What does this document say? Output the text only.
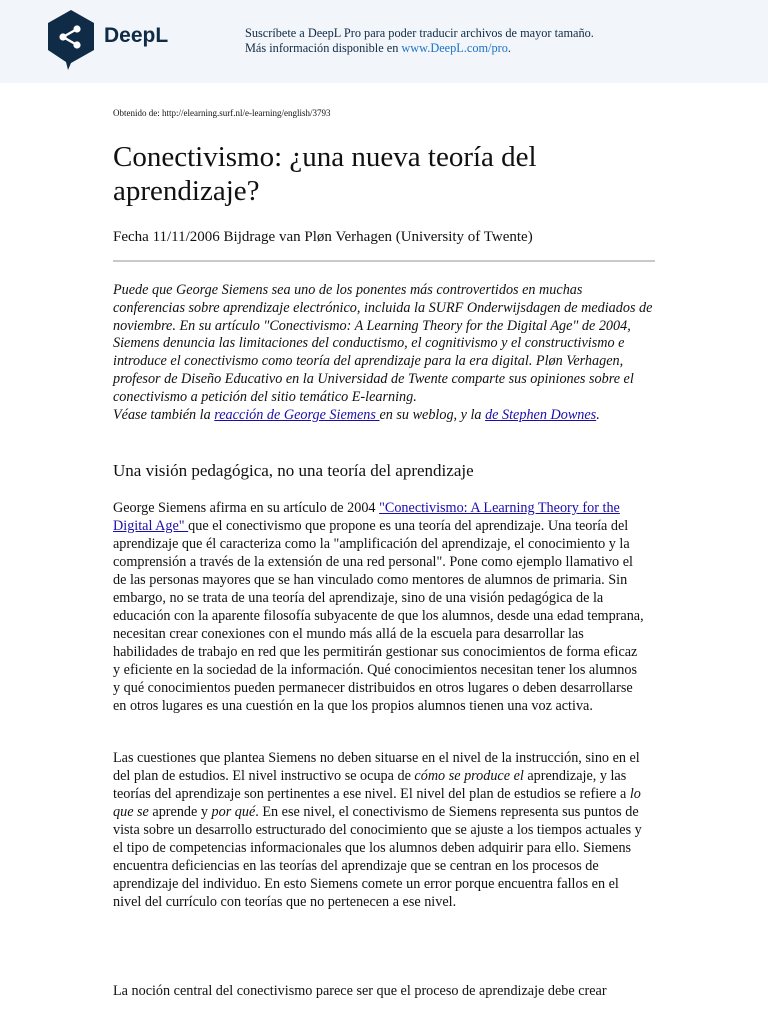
DeepL	Suscríbete a DeepL Pro para poder traducir archivos de mayor tamaño.
Más información disponible en www.DeepL.com/pro.
Obtenido de: http://elearning.surf.nl/e-learning/english/3793
Conectivismo: ¿una nueva teoría del aprendizaje?
Fecha 11/11/2006 Bijdrage van Pløn Verhagen (University of Twente)

Puede que George Siemens sea uno de los ponentes más controvertidos en muchas conferencias sobre aprendizaje electrónico, incluida la SURF Onderwijsdagen de mediados de noviembre. En su artículo "Conectivismo: A Learning Theory for the Digital Age" de 2004, Siemens denuncia las limitaciones del conductismo, el cognitivismo y el constructivismo e introduce el conectivismo como teoría del aprendizaje para la era digital. Pløn Verhagen, profesor de Diseño Educativo en la Universidad de Twente comparte sus opiniones sobre el conectivismo a petición del sitio temático E-learning.
Véase también la reacción de George Siemens en su weblog, y la de Stephen Downes.

Una visión pedagógica, no una teoría del aprendizaje

George Siemens afirma en su artículo de 2004 "Conectivismo: A Learning Theory for the Digital Age" que el conectivismo que propone es una teoría del aprendizaje. Una teoría del aprendizaje que él caracteriza como la "amplificación del aprendizaje, el conocimiento y la comprensión a través de la extensión de una red personal". Pone como ejemplo llamativo el de las personas mayores que se han vinculado como mentores de alumnos de primaria. Sin embargo, no se trata de una teoría del aprendizaje, sino de una visión pedagógica de la educación con la aparente filosofía subyacente de que los alumnos, desde una edad temprana, necesitan crear conexiones con el mundo más allá de la escuela para desarrollar las habilidades de trabajo en red que les permitirán gestionar sus conocimientos de forma eficaz y eficiente en la sociedad de la información. Qué conocimientos necesitan tener los alumnos y qué conocimientos pueden permanecer distribuidos en otros lugares o deben desarrollarse en otros lugares es una cuestión en la que los propios alumnos tienen una voz activa.

Las cuestiones que plantea Siemens no deben situarse en el nivel de la instrucción, sino en el del plan de estudios. El nivel instructivo se ocupa de cómo se produce el aprendizaje, y las teorías del aprendizaje son pertinentes a ese nivel. El nivel del plan de estudios se refiere a lo que se aprende y por qué. En ese nivel, el conectivismo de Siemens representa sus puntos de vista sobre un desarrollo estructurado del conocimiento que se ajuste a los tiempos actuales y el tipo de competencias informacionales que los alumnos deben adquirir para ello. Siemens encuentra deficiencias en las teorías del aprendizaje que se centran en los procesos de aprendizaje del individuo. En esto Siemens comete un error porque encuentra fallos en el nivel del currículo con teorías que no pertenecen a ese nivel.

La noción central del conectivismo parece ser que el proceso de aprendizaje debe crear
